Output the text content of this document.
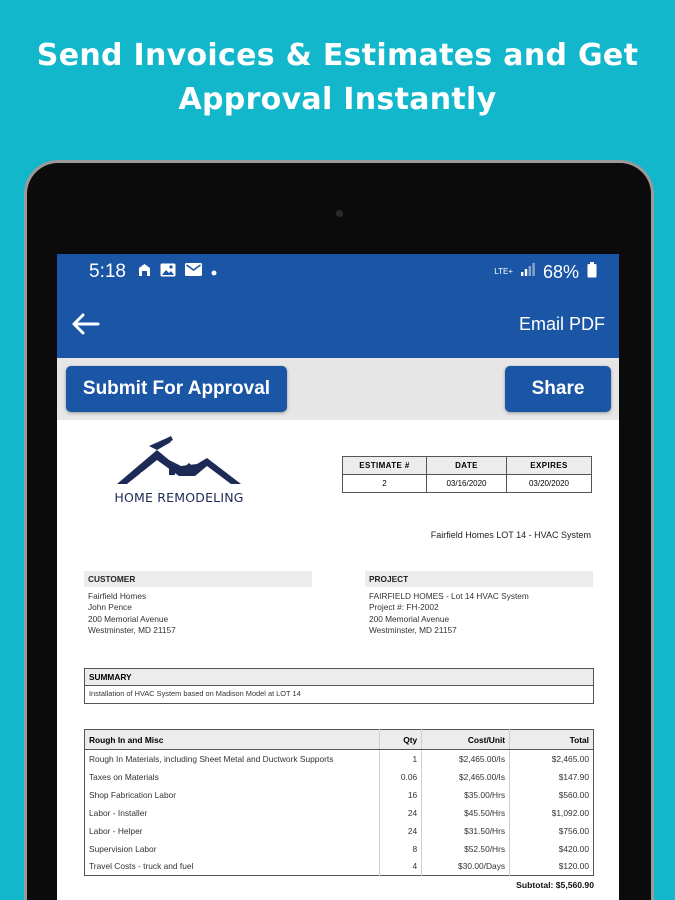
Send Invoices & Estimates and Get
Approval Instantly
5:18	LTE+ 68%
Email PDF
Submit For Approval	Share
HOME REMODELING
ESTIMATE #	DATE	EXPIRES
2	03/16/2020	03/20/2020
Fairfield Homes LOT 14 - HVAC System
CUSTOMER
Fairfield Homes
John Pence
200 Memorial Avenue
Westminster, MD 21157
PROJECT
FAIRFIELD HOMES - Lot 14 HVAC System
Project #: FH-2002
200 Memorial Avenue
Westminster, MD 21157
SUMMARY
Installation of HVAC System based on Madison Model at LOT 14
Rough In and Misc	Qty	Cost/Unit	Total
Rough In Materials, including Sheet Metal and Ductwork Supports	1	$2,465.00/Is	$2,465.00
Taxes on Materials	0.06	$2,465.00/Is	$147.90
Shop Fabrication Labor	16	$35.00/Hrs	$560.00
Labor - Installer	24	$45.50/Hrs	$1,092.00
Labor - Helper	24	$31.50/Hrs	$756.00
Supervision Labor	8	$52.50/Hrs	$420.00
Travel Costs - truck and fuel	4	$30.00/Days	$120.00
Subtotal: $5,560.90
